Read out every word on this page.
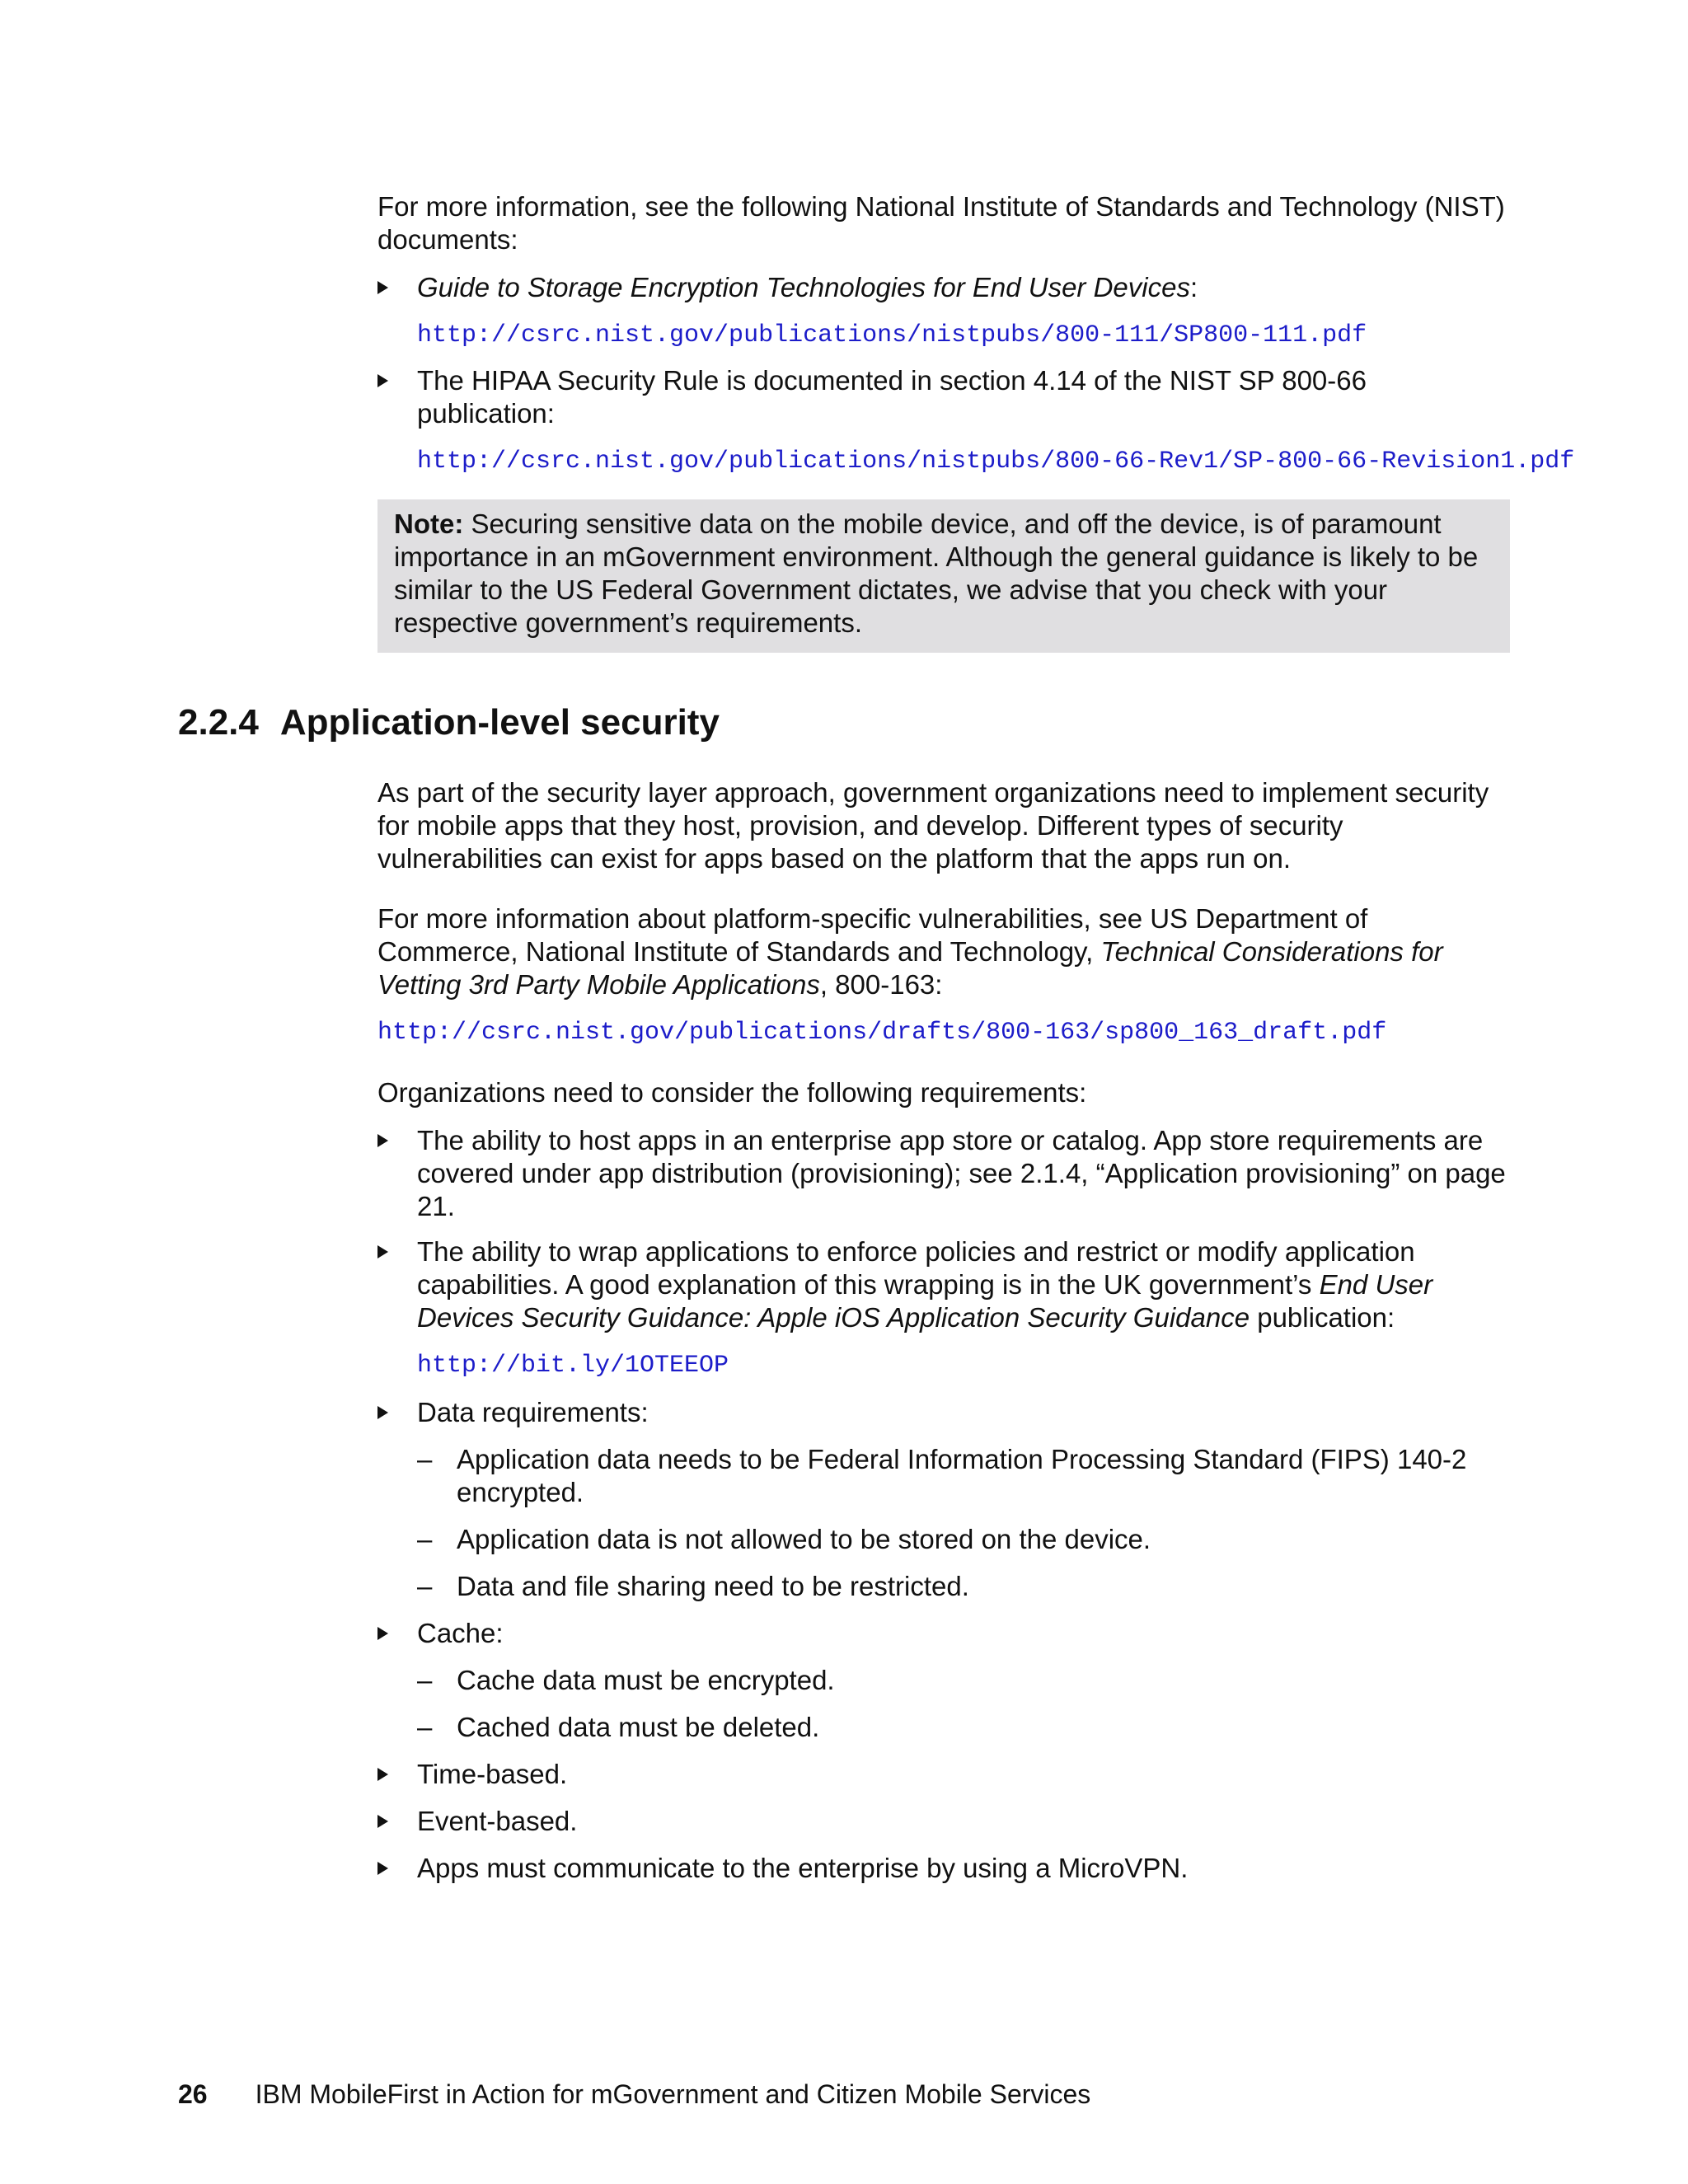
For more information, see the following National Institute of Standards and Technology (NIST) documents:

Guide to Storage Encryption Technologies for End User Devices:

http://csrc.nist.gov/publications/nistpubs/800-111/SP800-111.pdf

The HIPAA Security Rule is documented in section 4.14 of the NIST SP 800-66 publication:

http://csrc.nist.gov/publications/nistpubs/800-66-Rev1/SP-800-66-Revision1.pdf

Note: Securing sensitive data on the mobile device, and off the device, is of paramount importance in an mGovernment environment. Although the general guidance is likely to be similar to the US Federal Government dictates, we advise that you check with your respective government’s requirements.

2.2.4 Application-level security

As part of the security layer approach, government organizations need to implement security for mobile apps that they host, provision, and develop. Different types of security vulnerabilities can exist for apps based on the platform that the apps run on.

For more information about platform-specific vulnerabilities, see US Department of Commerce, National Institute of Standards and Technology, Technical Considerations for Vetting 3rd Party Mobile Applications, 800-163:

http://csrc.nist.gov/publications/drafts/800-163/sp800_163_draft.pdf

Organizations need to consider the following requirements:

The ability to host apps in an enterprise app store or catalog. App store requirements are covered under app distribution (provisioning); see 2.1.4, “Application provisioning” on page 21.

The ability to wrap applications to enforce policies and restrict or modify application capabilities. A good explanation of this wrapping is in the UK government’s End User Devices Security Guidance: Apple iOS Application Security Guidance publication:

http://bit.ly/1OTEEOP

Data requirements:

– Application data needs to be Federal Information Processing Standard (FIPS) 140-2 encrypted.

– Application data is not allowed to be stored on the device.

– Data and file sharing need to be restricted.

Cache:

– Cache data must be encrypted.

– Cached data must be deleted.

Time-based.

Event-based.

Apps must communicate to the enterprise by using a MicroVPN.

26 IBM MobileFirst in Action for mGovernment and Citizen Mobile Services
